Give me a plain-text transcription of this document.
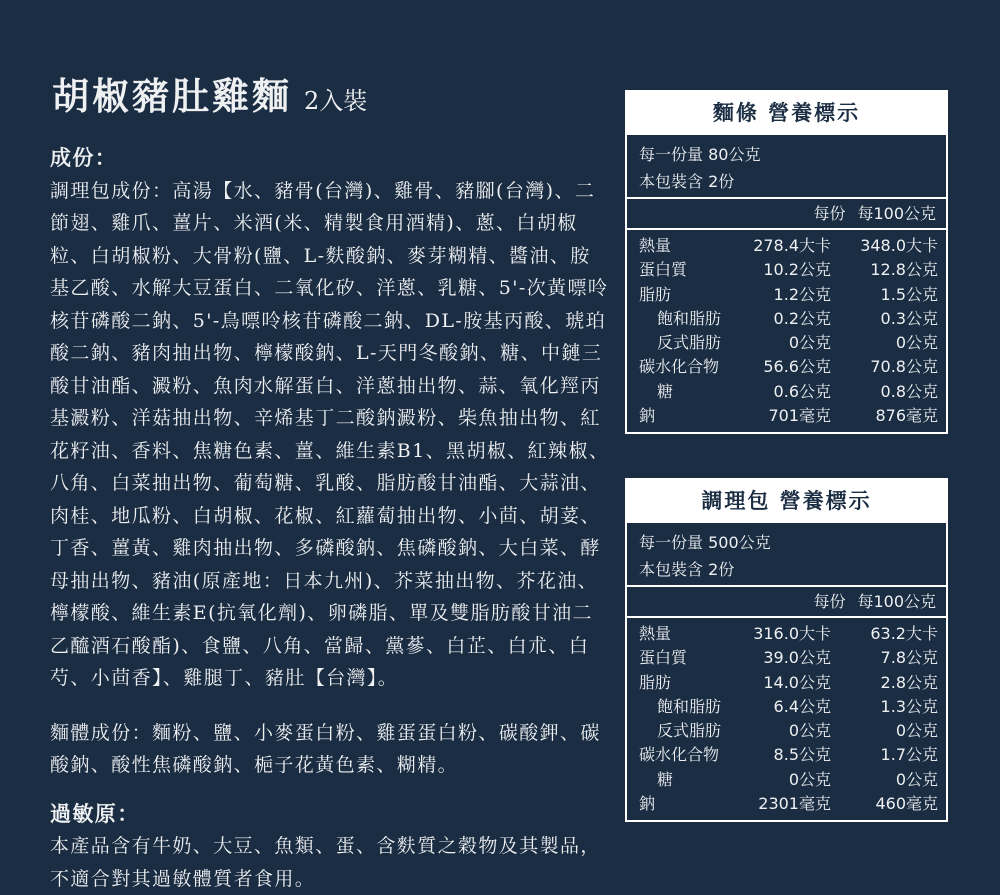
胡椒豬肚雞麵 2入裝
成份：
調理包成份：高湯【水、豬骨(台灣)、雞骨、豬腳(台灣)、二節翅、雞爪、薑片、米酒(米、精製食用酒精)、蔥、白胡椒粒、白胡椒粉、大骨粉(鹽、L-麩酸鈉、麥芽糊精、醬油、胺基乙酸、水解大豆蛋白、二氧化矽、洋蔥、乳糖、5'-次黃嘌呤核苷磷酸二鈉、5'-鳥嘌呤核苷磷酸二鈉、DL-胺基丙酸、琥珀酸二鈉、豬肉抽出物、檸檬酸鈉、L-天門冬酸鈉、糖、中鏈三酸甘油酯、澱粉、魚肉水解蛋白、洋蔥抽出物、蒜、氧化羥丙基澱粉、洋菇抽出物、辛烯基丁二酸鈉澱粉、柴魚抽出物、紅花籽油、香料、焦糖色素、薑、維生素B1、黑胡椒、紅辣椒、八角、白菜抽出物、葡萄糖、乳酸、脂肪酸甘油酯、大蒜油、肉桂、地瓜粉、白胡椒、花椒、紅蘿蔔抽出物、小茴、胡荽、丁香、薑黃、雞肉抽出物、多磷酸鈉、焦磷酸鈉、大白菜、酵母抽出物、豬油(原產地：日本九州)、芥菜抽出物、芥花油、檸檬酸、維生素E(抗氧化劑)、卵磷脂、單及雙脂肪酸甘油二乙醯酒石酸酯)、食鹽、八角、當歸、黨蔘、白芷、白朮、白芍、小茴香】、雞腿丁、豬肚【台灣】。
麵體成份：麵粉、鹽、小麥蛋白粉、雞蛋蛋白粉、碳酸鉀、碳酸鈉、酸性焦磷酸鈉、梔子花黃色素、糊精。
過敏原：
本產品含有牛奶、大豆、魚類、蛋、含麩質之穀物及其製品，不適合對其過敏體質者食用。
麵條 營養標示
每一份量 80公克
本包裝含 2份
每份 每100公克
熱量	278.4大卡	348.0大卡
蛋白質	10.2公克	12.8公克
脂肪	1.2公克	1.5公克
飽和脂肪	0.2公克	0.3公克
反式脂肪	0公克	0公克
碳水化合物	56.6公克	70.8公克
糖	0.6公克	0.8公克
鈉	701毫克	876毫克
調理包 營養標示
每一份量 500公克
本包裝含 2份
每份 每100公克
熱量	316.0大卡	63.2大卡
蛋白質	39.0公克	7.8公克
脂肪	14.0公克	2.8公克
飽和脂肪	6.4公克	1.3公克
反式脂肪	0公克	0公克
碳水化合物	8.5公克	1.7公克
糖	0公克	0公克
鈉	2301毫克	460毫克
